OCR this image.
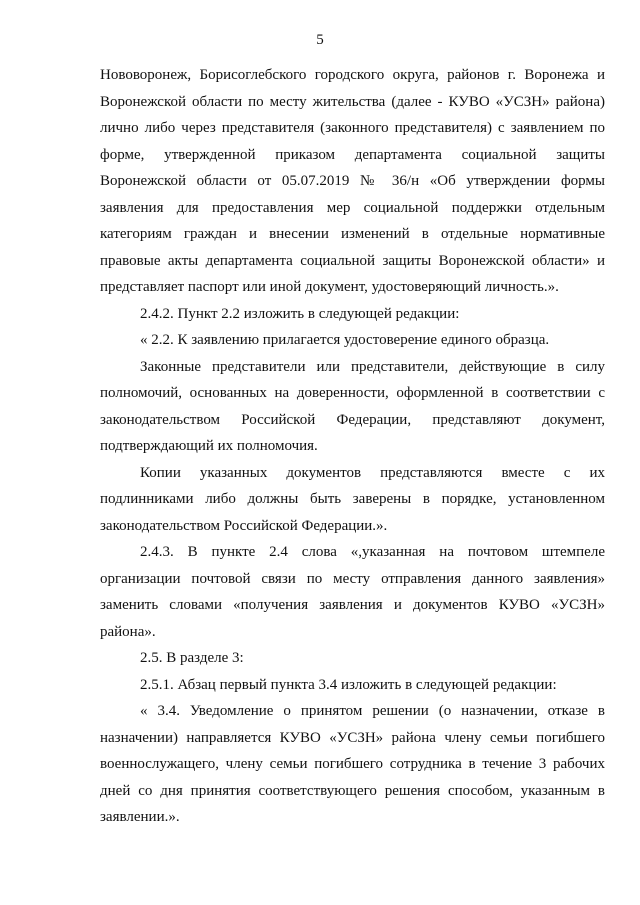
5

Нововоронеж, Борисоглебского городского округа, районов г. Воронежа и Воронежской области по месту жительства (далее - КУВО «УСЗН» района) лично либо через представителя (законного представителя) с заявлением по форме, утвержденной приказом департамента социальной защиты Воронежской области от 05.07.2019 № 36/н «Об утверждении формы заявления для предоставления мер социальной поддержки отдельным категориям граждан и внесении изменений в отдельные нормативные правовые акты департамента социальной защиты Воронежской области» и представляет паспорт или иной документ, удостоверяющий личность.».

2.4.2. Пункт 2.2 изложить в следующей редакции:

« 2.2. К заявлению прилагается удостоверение единого образца.

Законные представители или представители, действующие в силу полномочий, основанных на доверенности, оформленной в соответствии с законодательством Российской Федерации, представляют документ, подтверждающий их полномочия.

Копии указанных документов представляются вместе с их подлинниками либо должны быть заверены в порядке, установленном законодательством Российской Федерации.».

2.4.3. В пункте 2.4 слова «,указанная на почтовом штемпеле организации почтовой связи по месту отправления данного заявления» заменить словами «получения заявления и документов КУВО «УСЗН» района».

2.5. В разделе 3:

2.5.1. Абзац первый пункта 3.4 изложить в следующей редакции:

« 3.4. Уведомление о принятом решении (о назначении, отказе в назначении) направляется КУВО «УСЗН» района члену семьи погибшего военнослужащего, члену семьи погибшего сотрудника в течение 3 рабочих дней со дня принятия соответствующего решения способом, указанным в заявлении.».
